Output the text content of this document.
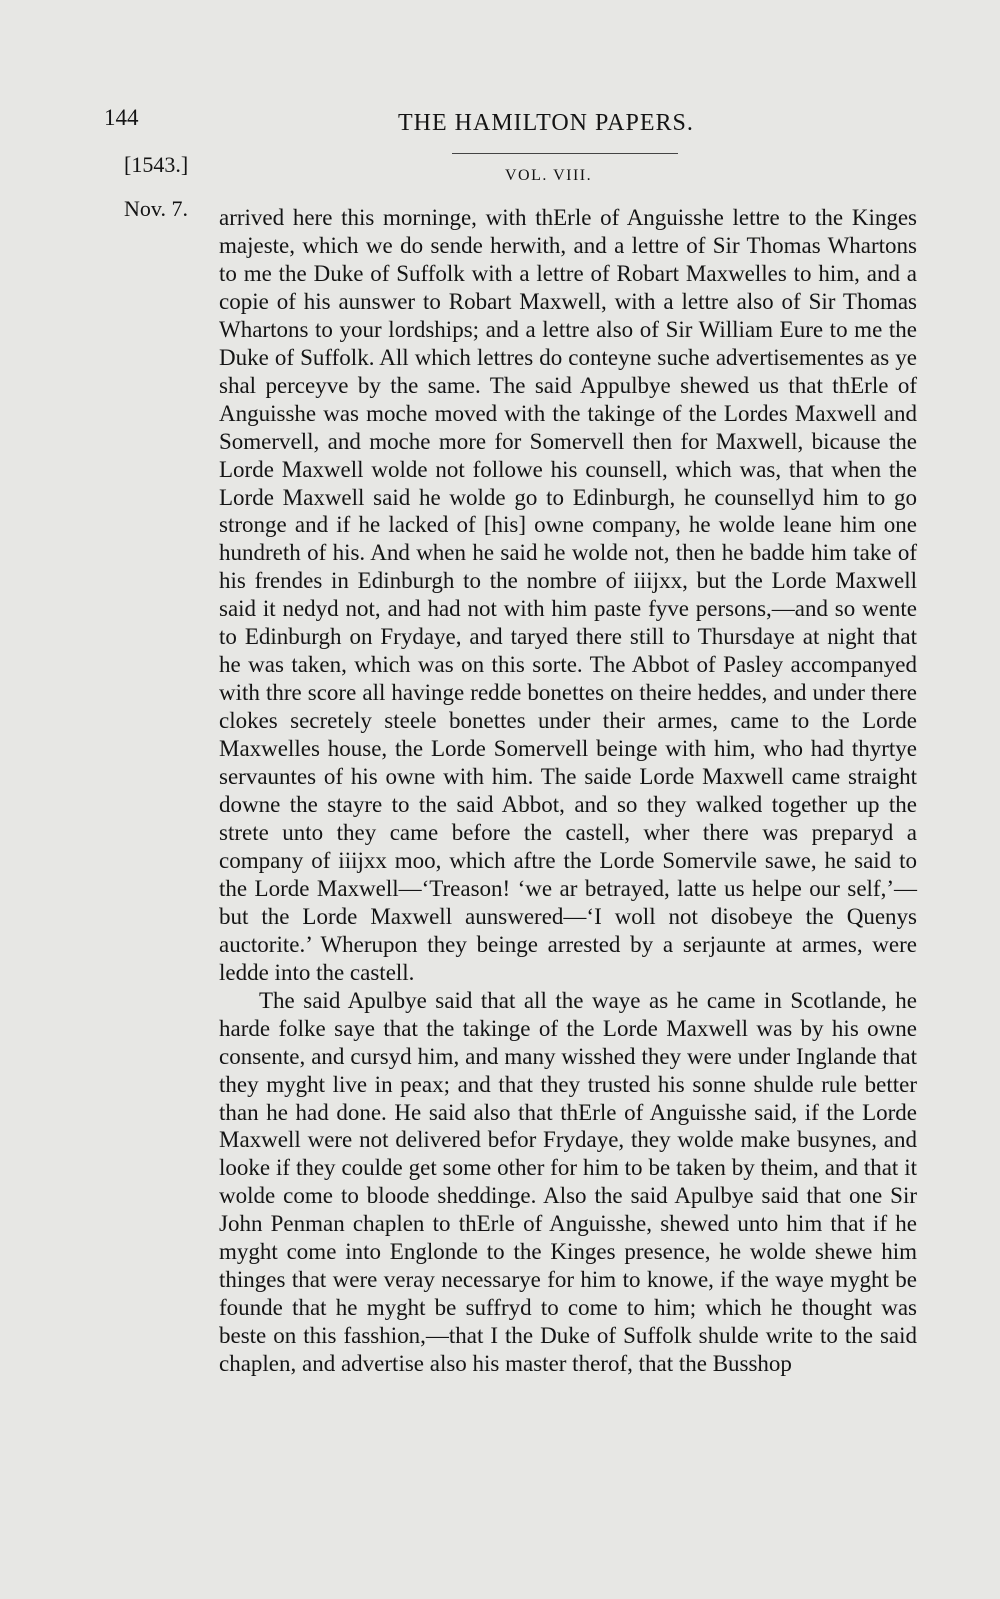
144	THE HAMILTON PAPERS.
[1543.]	VOL. VIII.
Nov. 7. arrived here this morninge, with thErle of Anguisshe lettre to the Kinges majeste, which we do sende herwith, and a lettre of Sir Thomas Whartons to me the Duke of Suffolk with a lettre of Robart Maxwelles to him, and a copie of his aunswer to Robart Maxwell, with a lettre also of Sir Thomas Whartons to your lordships; and a lettre also of Sir William Eure to me the Duke of Suffolk. All which lettres do conteyne suche advertisementes as ye shal perceyve by the same. The said Appulbye shewed us that thErle of Anguisshe was moche moved with the takinge of the Lordes Maxwell and Somervell, and moche more for Somervell then for Maxwell, bicause the Lorde Maxwell wolde not followe his counsell, which was, that when the Lorde Maxwell said he wolde go to Edinburgh, he counsellyd him to go stronge and if he lacked of [his] owne company, he wolde leane him one hundreth of his. And when he said he wolde not, then he badde him take of his frendes in Edinburgh to the nombre of iiijxx, but the Lorde Maxwell said it nedyd not, and had not with him paste fyve persons,—and so wente to Edinburgh on Frydaye, and taryed there still to Thursdaye at night that he was taken, which was on this sorte. The Abbot of Pasley accompanyed with thre score all havinge redde bonettes on theire heddes, and under there clokes secretely steele bonettes under their armes, came to the Lorde Maxwelles house, the Lorde Somervell beinge with him, who had thyrtye servauntes of his owne with him. The saide Lorde Maxwell came straight downe the stayre to the said Abbot, and so they walked together up the strete unto they came before the castell, wher there was preparyd a company of iiijxx moo, which aftre the Lorde Somervile sawe, he said to the Lorde Maxwell—‘Treason! ‘we ar betrayed, latte us helpe our self,’—but the Lorde Maxwell aunswered—‘I woll not disobeye the Quenys auctorite.’ Wherupon they beinge arrested by a serjaunte at armes, were ledde into the castell.
The said Apulbye said that all the waye as he came in Scotlande, he harde folke saye that the takinge of the Lorde Maxwell was by his owne consente, and cursyd him, and many wisshed they were under Inglande that they myght live in peax; and that they trusted his sonne shulde rule better than he had done. He said also that thErle of Anguisshe said, if the Lorde Maxwell were not delivered befor Frydaye, they wolde make busynes, and looke if they coulde get some other for him to be taken by theim, and that it wolde come to bloode sheddinge. Also the said Apulbye said that one Sir John Penman chaplen to thErle of Anguisshe, shewed unto him that if he myght come into Englonde to the Kinges presence, he wolde shewe him thinges that were veray necessarye for him to knowe, if the waye myght be founde that he myght be suffryd to come to him; which he thought was beste on this fasshion,—that I the Duke of Suffolk shulde write to the said chaplen, and advertise also his master therof, that the Busshop
